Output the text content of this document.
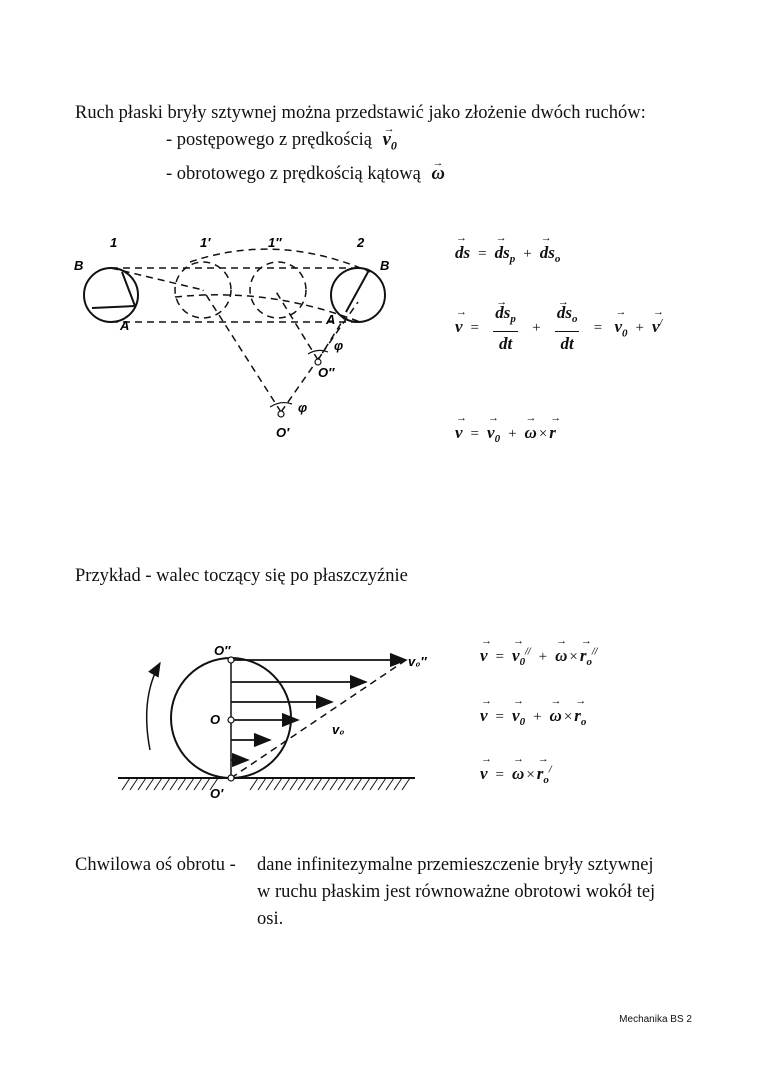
Ruch płaski bryły sztywnej można przedstawić jako złożenie dwóch ruchów:
- postępowego z prędkością → $v_0$
- obrotowego z prędkością kątową → ω
1	1′	1″	2
B	B
A	A
φ
φ
O′
O″
→ ds =→ $ds_p +\to ds_o$
→ v =
→ $\frac{ds_p}{dt}$ +
→ $\frac{ds_o}{dt}$ = → $v_0 +\to v^/$
→ $v =\to v_0 +\to \omega \times\to r$
Przykład - walec toczący się po płaszczyźnie
O″
O
O′
v₀″
v₀
→ $v =\to v_0^{//} +\to \omega \times\to r_o^{//}$
→ $v =\to v_0 +\to \omega \times\to r_o$
→ $v =\to \omega \times\to r_o^/$
Chwilowa oś obrotu - dane infinitezymalne przemieszczenie bryły sztywnej
w ruchu płaskim jest równoważne obrotowi wokół tej
osi.
Mechanika BS 2
